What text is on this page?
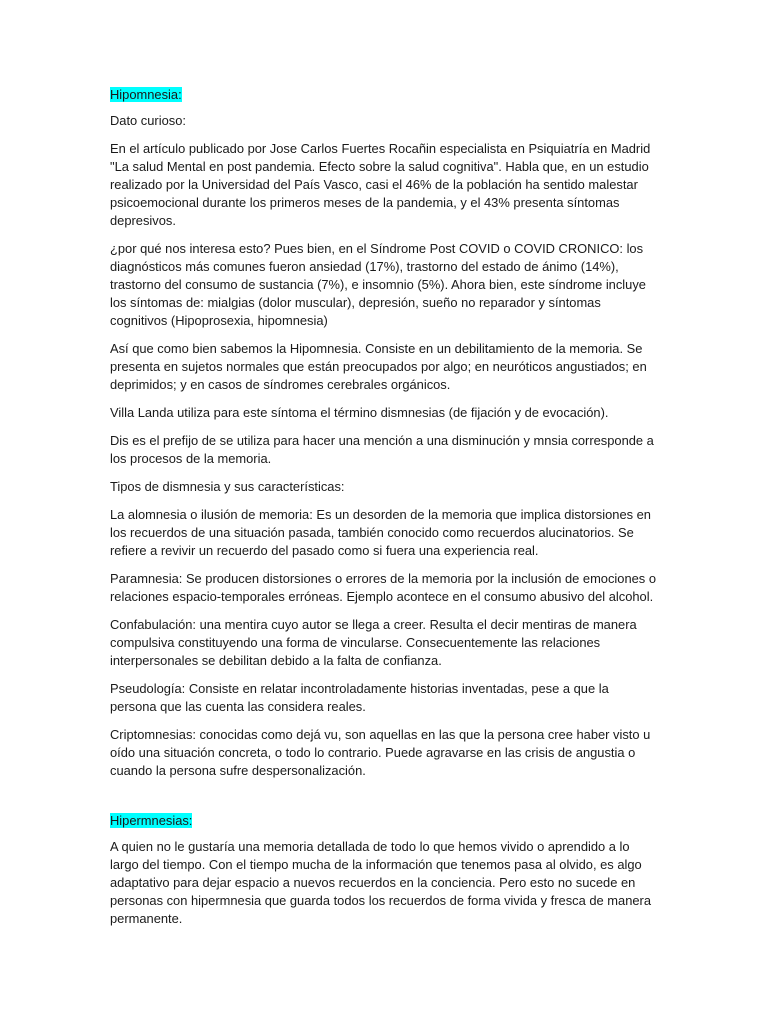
Hipomnesia:

Dato curioso:

En el artículo publicado por Jose Carlos Fuertes Rocañin especialista en Psiquiatría en Madrid "La salud Mental en post pandemia. Efecto sobre la salud cognitiva". Habla que, en un estudio realizado por la Universidad del País Vasco, casi el 46% de la población ha sentido malestar psicoemocional durante los primeros meses de la pandemia, y el 43% presenta síntomas depresivos.

¿por qué nos interesa esto? Pues bien, en el Síndrome Post COVID o COVID CRONICO: los diagnósticos más comunes fueron ansiedad (17%), trastorno del estado de ánimo (14%), trastorno del consumo de sustancia (7%), e insomnio (5%). Ahora bien, este síndrome incluye los síntomas de: mialgias (dolor muscular), depresión, sueño no reparador y síntomas cognitivos (Hipoprosexia, hipomnesia)

Así que como bien sabemos la Hipomnesia. Consiste en un debilitamiento de la memoria. Se presenta en sujetos normales que están preocupados por algo; en neuróticos angustiados; en deprimidos; y en casos de síndromes cerebrales orgánicos.

Villa Landa utiliza para este síntoma el término dismnesias (de fijación y de evocación).

Dis es el prefijo de se utiliza para hacer una mención a una disminución y mnsia corresponde a los procesos de la memoria.

Tipos de dismnesia y sus características:

La alomnesia o ilusión de memoria: Es un desorden de la memoria que implica distorsiones en los recuerdos de una situación pasada, también conocido como recuerdos alucinatorios. Se refiere a revivir un recuerdo del pasado como si fuera una experiencia real.

Paramnesia: Se producen distorsiones o errores de la memoria por la inclusión de emociones o relaciones espacio-temporales erróneas. Ejemplo acontece en el consumo abusivo del alcohol.

Confabulación: una mentira cuyo autor se llega a creer. Resulta el decir mentiras de manera compulsiva constituyendo una forma de vincularse. Consecuentemente las relaciones interpersonales se debilitan debido a la falta de confianza.

Pseudología: Consiste en relatar incontroladamente historias inventadas, pese a que la persona que las cuenta las considera reales.

Criptomnesias: conocidas como dejá vu, son aquellas en las que la persona cree haber visto u oído una situación concreta, o todo lo contrario. Puede agravarse en las crisis de angustia o cuando la persona sufre despersonalización.

Hipermnesias:

A quien no le gustaría una memoria detallada de todo lo que hemos vivido o aprendido a lo largo del tiempo. Con el tiempo mucha de la información que tenemos pasa al olvido, es algo adaptativo para dejar espacio a nuevos recuerdos en la conciencia. Pero esto no sucede en personas con hipermnesia que guarda todos los recuerdos de forma vivida y fresca de manera permanente.
